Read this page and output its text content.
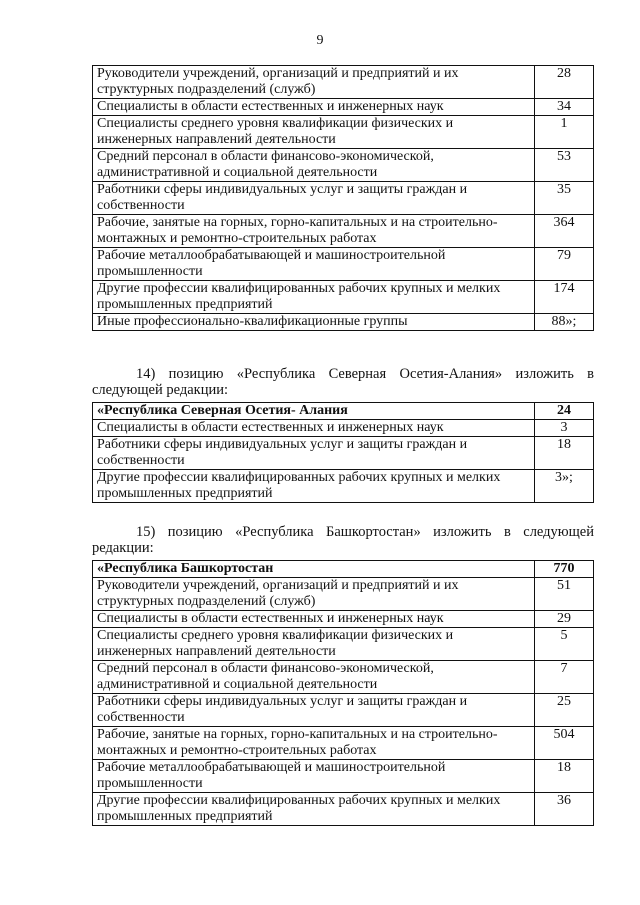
9
Руководители учреждений, организаций и предприятий и их структурных подразделений (служб)	28
Специалисты в области естественных и инженерных наук	34
Специалисты среднего уровня квалификации физических и инженерных направлений деятельности	1
Средний персонал в области финансово-экономической, административной и социальной деятельности	53
Работники сферы индивидуальных услуг и защиты граждан и собственности	35
Рабочие, занятые на горных, горно-капитальных и на строительно-монтажных и ремонтно-строительных работах	364
Рабочие металлообрабатывающей и машиностроительной промышленности	79
Другие профессии квалифицированных рабочих крупных и мелких промышленных предприятий	174
Иные профессионально-квалификационные группы	88»;
14) позицию «Республика Северная Осетия-Алания» изложить в следующей редакции:
«Республика Северная Осетия- Алания	24
Специалисты в области естественных и инженерных наук	3
Работники сферы индивидуальных услуг и защиты граждан и собственности	18
Другие профессии квалифицированных рабочих крупных и мелких промышленных предприятий	3»;
15) позицию «Республика Башкортостан» изложить в следующей редакции:
«Республика Башкортостан	770
Руководители учреждений, организаций и предприятий и их структурных подразделений (служб)	51
Специалисты в области естественных и инженерных наук	29
Специалисты среднего уровня квалификации физических и инженерных направлений деятельности	5
Средний персонал в области финансово-экономической, административной и социальной деятельности	7
Работники сферы индивидуальных услуг и защиты граждан и собственности	25
Рабочие, занятые на горных, горно-капитальных и на строительно-монтажных и ремонтно-строительных работах	504
Рабочие металлообрабатывающей и машиностроительной промышленности	18
Другие профессии квалифицированных рабочих крупных и мелких промышленных предприятий	36
